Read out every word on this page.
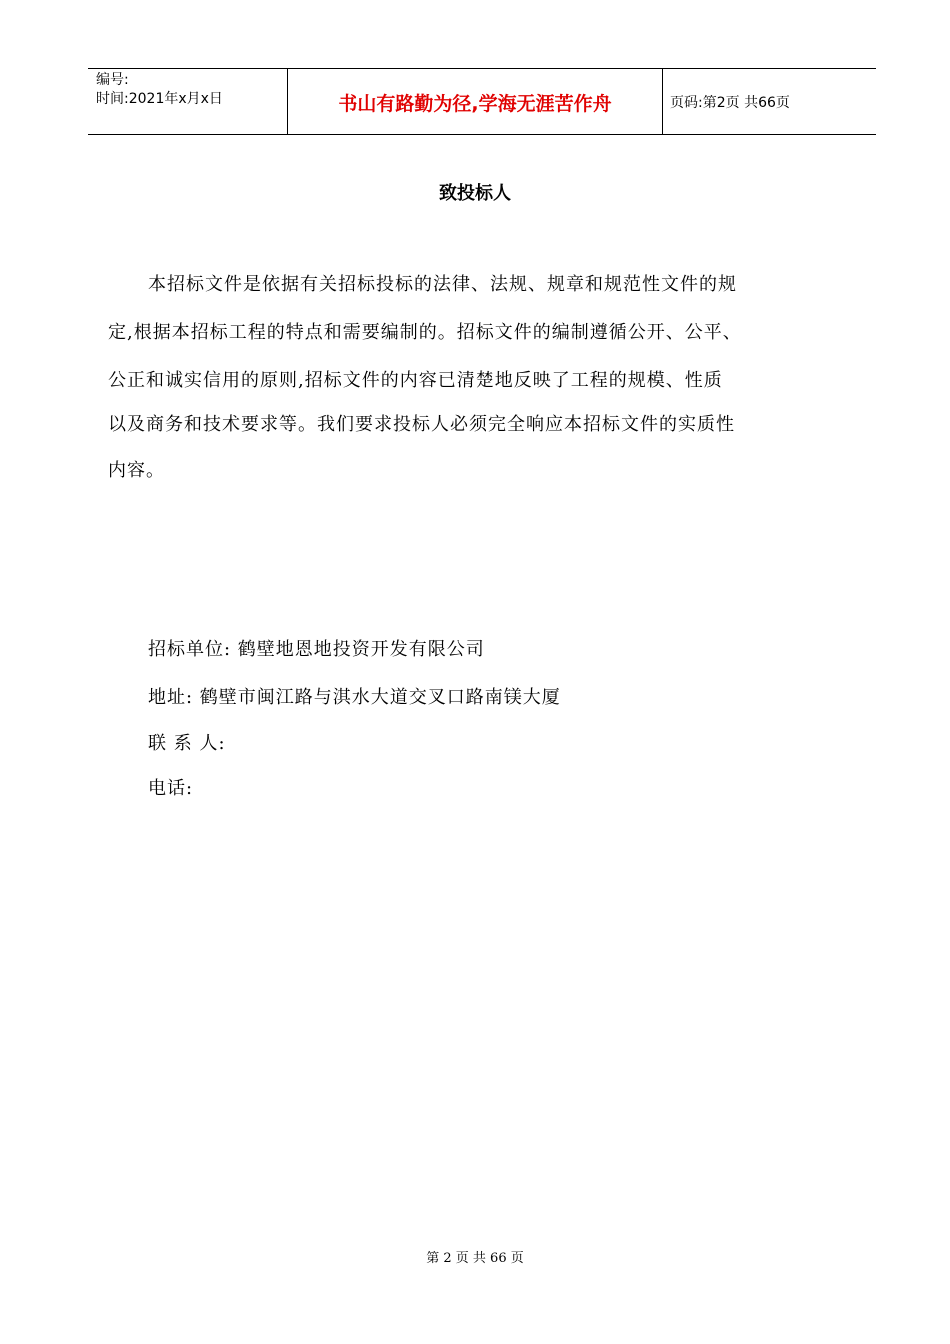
编号:
时间:2021年x月x日	书山有路勤为径,学海无涯苦作舟	页码:第2页 共66页
致投标人
本招标文件是依据有关招标投标的法律、法规、规章和规范性文件的规
定,根据本招标工程的特点和需要编制的。招标文件的编制遵循公开、公平、
公正和诚实信用的原则,招标文件的内容已清楚地反映了工程的规模、性质
以及商务和技术要求等。我们要求投标人必须完全响应本招标文件的实质性
内容。
招标单位: 鹤壁地恩地投资开发有限公司
地址: 鹤壁市闽江路与淇水大道交叉口路南镁大厦
联 系 人:
电话:
第 2 页 共 66 页
